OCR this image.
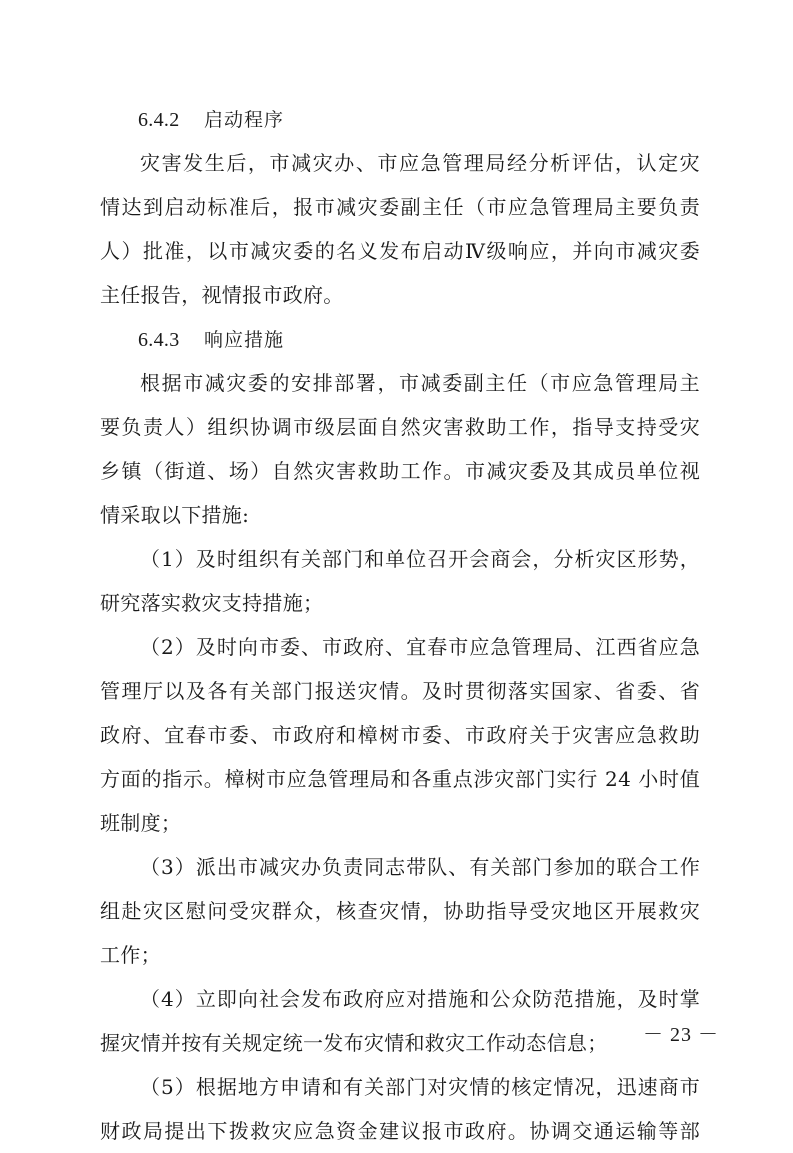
6.4.2 启动程序
灾害发生后，市减灾办、市应急管理局经分析评估，认定灾
情达到启动标准后，报市减灾委副主任（市应急管理局主要负责
人）批准，以市减灾委的名义发布启动Ⅳ级响应，并向市减灾委
主任报告，视情报市政府。
6.4.3 响应措施
根据市减灾委的安排部署，市减委副主任（市应急管理局主
要负责人）组织协调市级层面自然灾害救助工作，指导支持受灾
乡镇（街道、场）自然灾害救助工作。市减灾委及其成员单位视
情采取以下措施:
（1）及时组织有关部门和单位召开会商会，分析灾区形势，
研究落实救灾支持措施；
（2）及时向市委、市政府、宜春市应急管理局、江西省应急
管理厅以及各有关部门报送灾情。及时贯彻落实国家、省委、省
政府、宜春市委、市政府和樟树市委、市政府关于灾害应急救助
方面的指示。樟树市应急管理局和各重点涉灾部门实行 24 小时值
班制度；
（3）派出市减灾办负责同志带队、有关部门参加的联合工作
组赴灾区慰问受灾群众，核查灾情，协助指导受灾地区开展救灾
工作；
（4）立即向社会发布政府应对措施和公众防范措施，及时掌
握灾情并按有关规定统一发布灾情和救灾工作动态信息；
（5）根据地方申请和有关部门对灾情的核定情况，迅速商市
财政局提出下拨救灾应急资金建议报市政府。协调交通运输等部
－ 23 －
